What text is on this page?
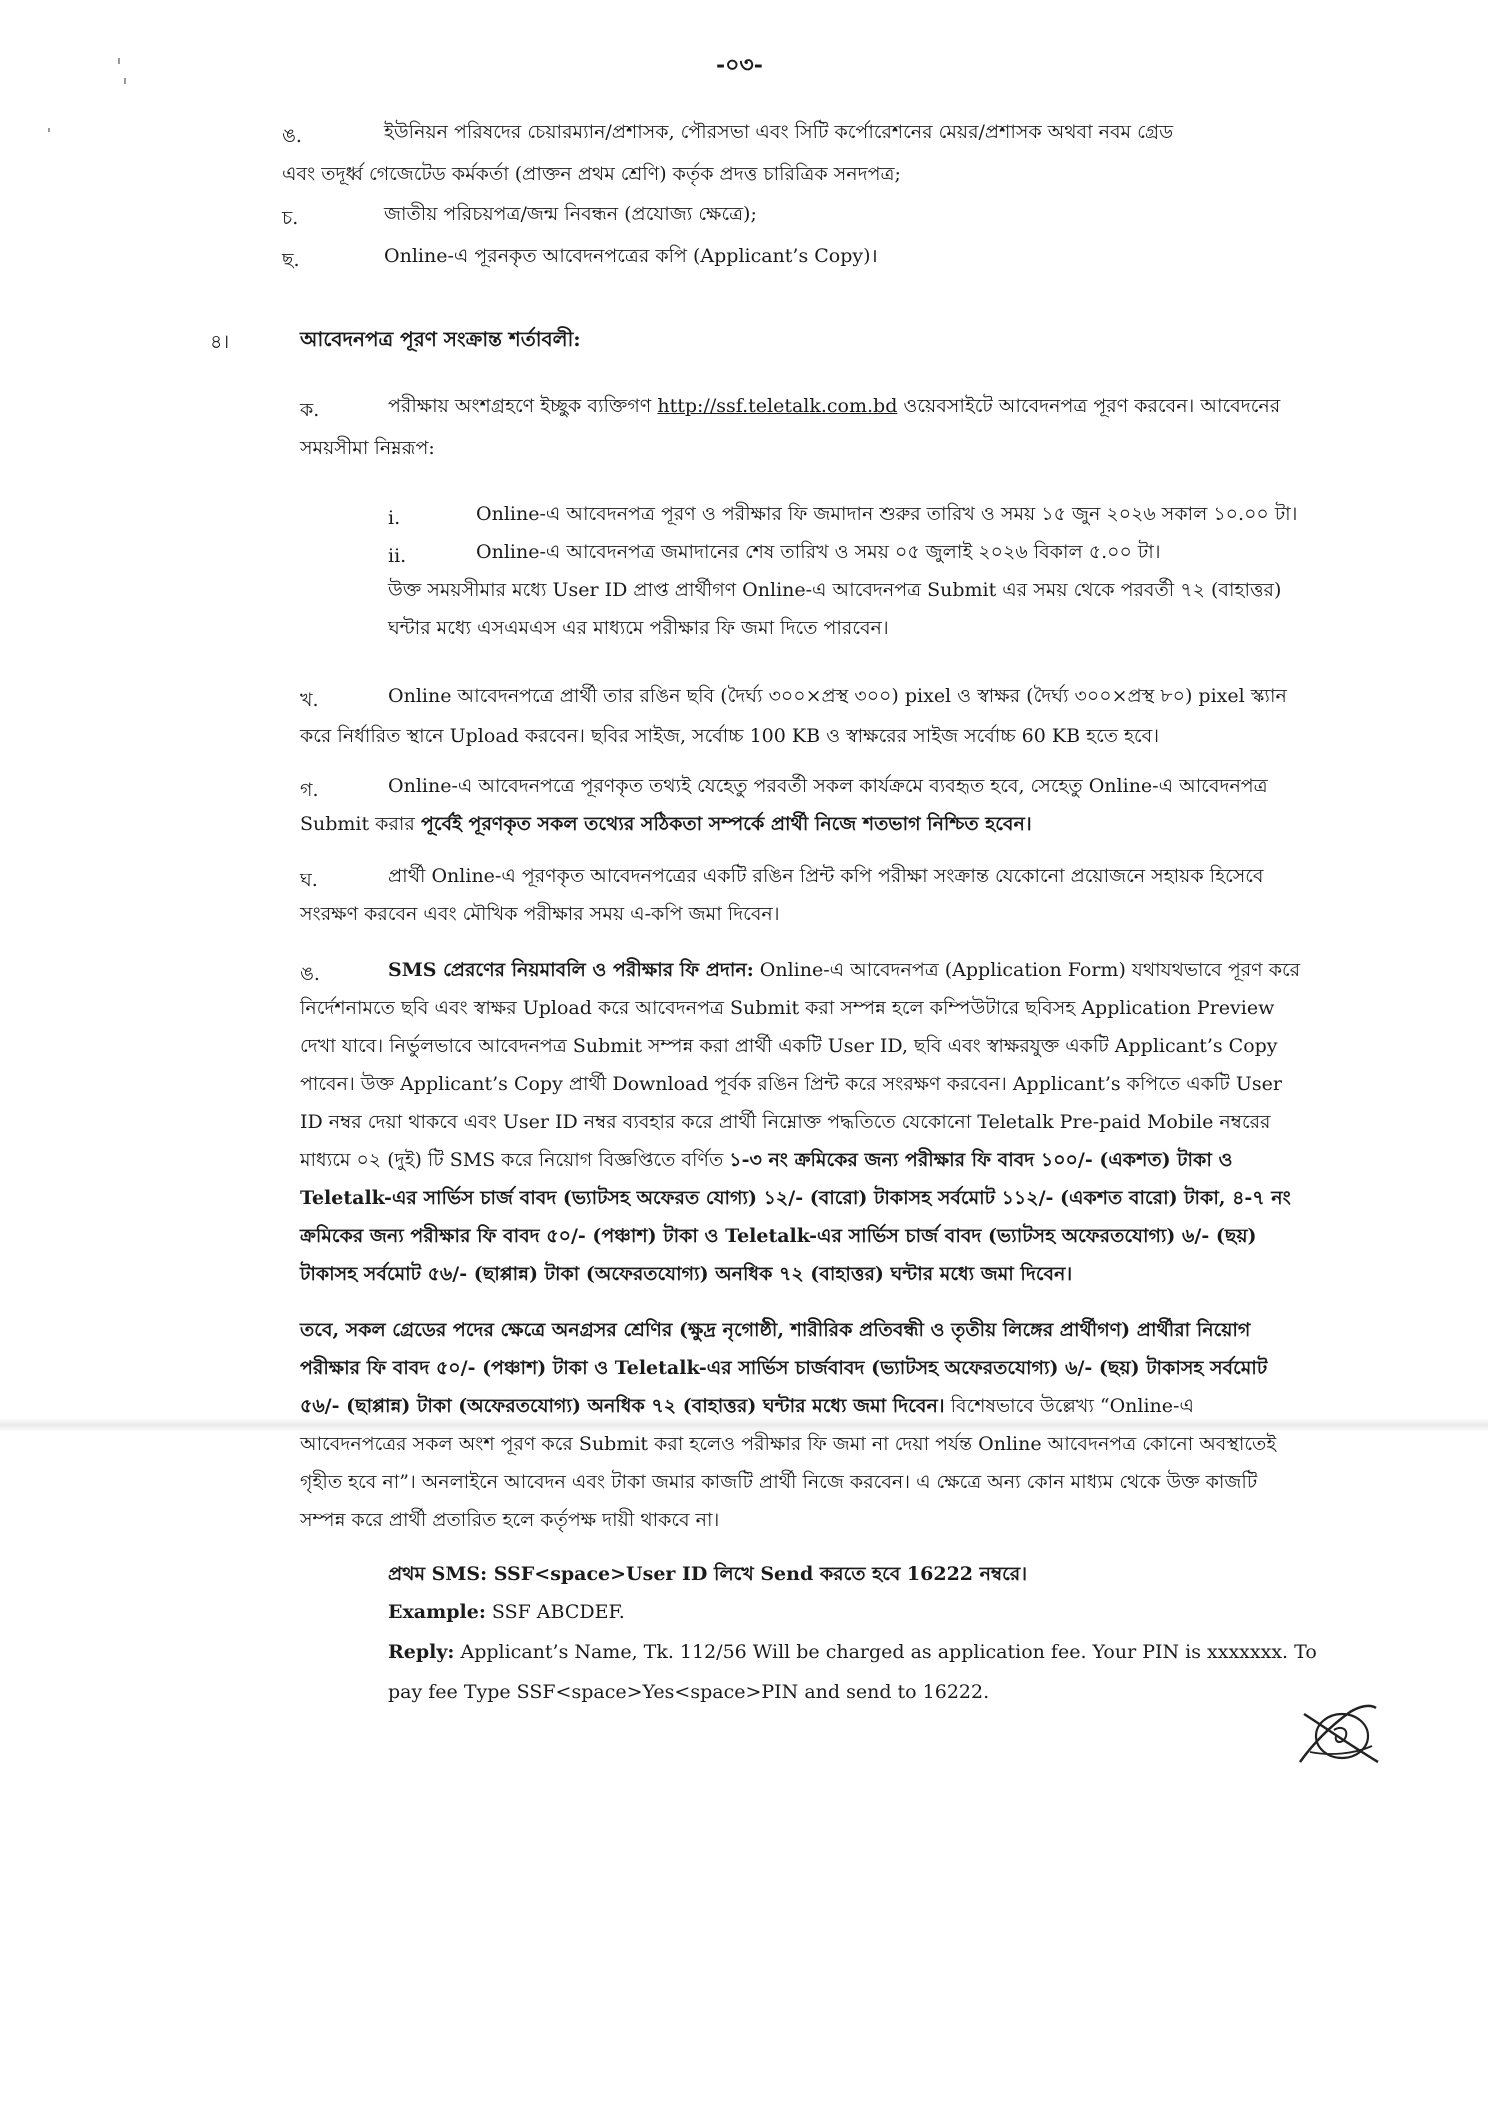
-০৩-
ঙ.	ইউনিয়ন পরিষদের চেয়ারম্যান/প্রশাসক, পৌরসভা এবং সিটি কর্পোরেশনের মেয়র/প্রশাসক অথবা নবম গ্রেড
এবং তদূর্ধ্ব গেজেটেড কর্মকর্তা (প্রাক্তন প্রথম শ্রেণি) কর্তৃক প্রদত্ত চারিত্রিক সনদপত্র;
চ.	জাতীয় পরিচয়পত্র/জন্ম নিবন্ধন (প্রযোজ্য ক্ষেত্রে);
ছ.	Online-এ পূরনকৃত আবেদনপত্রের কপি (Applicant’s Copy)।
৪।	আবেদনপত্র পূরণ সংক্রান্ত শর্তাবলী:
ক.	পরীক্ষায় অংশগ্রহণে ইচ্ছুক ব্যক্তিগণ http://ssf.teletalk.com.bd ওয়েবসাইটে আবেদনপত্র পূরণ করবেন। আবেদনের
সময়সীমা নিম্নরূপ:
i.	Online-এ আবেদনপত্র পূরণ ও পরীক্ষার ফি জমাদান শুরুর তারিখ ও সময় ১৫ জুন ২০২৬ সকাল ১০.০০ টা।
ii.	Online-এ আবেদনপত্র জমাদানের শেষ তারিখ ও সময় ০৫ জুলাই ২০২৬ বিকাল ৫.০০ টা।
উক্ত সময়সীমার মধ্যে User ID প্রাপ্ত প্রার্থীগণ Online-এ আবেদনপত্র Submit এর সময় থেকে পরবর্তী ৭২ (বাহাত্তর)
ঘন্টার মধ্যে এসএমএস এর মাধ্যমে পরীক্ষার ফি জমা দিতে পারবেন।
খ.	Online আবেদনপত্রে প্রার্থী তার রঙিন ছবি (দৈর্ঘ্য ৩০০×প্রস্থ ৩০০) pixel ও স্বাক্ষর (দৈর্ঘ্য ৩০০×প্রস্থ ৮০) pixel স্ক্যান
করে নির্ধারিত স্থানে Upload করবেন। ছবির সাইজ, সর্বোচ্চ 100 KB ও স্বাক্ষরের সাইজ সর্বোচ্চ 60 KB হতে হবে।
গ.	Online-এ আবেদনপত্রে পূরণকৃত তথ্যই যেহেতু পরবর্তী সকল কার্যক্রমে ব্যবহৃত হবে, সেহেতু Online-এ আবেদনপত্র
Submit করার পূর্বেই পূরণকৃত সকল তথ্যের সঠিকতা সম্পর্কে প্রার্থী নিজে শতভাগ নিশ্চিত হবেন।
ঘ.	প্রার্থী Online-এ পূরণকৃত আবেদনপত্রের একটি রঙিন প্রিন্ট কপি পরীক্ষা সংক্রান্ত যেকোনো প্রয়োজনে সহায়ক হিসেবে
সংরক্ষণ করবেন এবং মৌখিক পরীক্ষার সময় এ-কপি জমা দিবেন।
ঙ.	SMS প্রেরণের নিয়মাবলি ও পরীক্ষার ফি প্রদান: Online-এ আবেদনপত্র (Application Form) যথাযথভাবে পূরণ করে
নির্দেশনামতে ছবি এবং স্বাক্ষর Upload করে আবেদনপত্র Submit করা সম্পন্ন হলে কম্পিউটারে ছবিসহ Application Preview
দেখা যাবে। নির্ভুলভাবে আবেদনপত্র Submit সম্পন্ন করা প্রার্থী একটি User ID, ছবি এবং স্বাক্ষরযুক্ত একটি Applicant’s Copy
পাবেন। উক্ত Applicant’s Copy প্রার্থী Download পূর্বক রঙিন প্রিন্ট করে সংরক্ষণ করবেন। Applicant’s কপিতে একটি User
ID নম্বর দেয়া থাকবে এবং User ID নম্বর ব্যবহার করে প্রার্থী নিম্নোক্ত পদ্ধতিতে যেকোনো Teletalk Pre-paid Mobile নম্বরের
মাধ্যমে ০২ (দুই) টি SMS করে নিয়োগ বিজ্ঞপ্তিতে বর্ণিত ১-৩ নং ক্রমিকের জন্য পরীক্ষার ফি বাবদ ১০০/- (একশত) টাকা ও
Teletalk-এর সার্ভিস চার্জ বাবদ (ভ্যাটসহ অফেরত যোগ্য) ১২/- (বারো) টাকাসহ সর্বমোট ১১২/- (একশত বারো) টাকা, ৪-৭ নং
ক্রমিকের জন্য পরীক্ষার ফি বাবদ ৫০/- (পঞ্চাশ) টাকা ও Teletalk-এর সার্ভিস চার্জ বাবদ (ভ্যাটসহ অফেরতযোগ্য) ৬/- (ছয়)
টাকাসহ সর্বমোট ৫৬/- (ছাপ্পান্ন) টাকা (অফেরতযোগ্য) অনধিক ৭২ (বাহাত্তর) ঘন্টার মধ্যে জমা দিবেন।
তবে, সকল গ্রেডের পদের ক্ষেত্রে অনগ্রসর শ্রেণির (ক্ষুদ্র নৃগোষ্ঠী, শারীরিক প্রতিবন্ধী ও তৃতীয় লিঙ্গের প্রার্থীগণ) প্রার্থীরা নিয়োগ
পরীক্ষার ফি বাবদ ৫০/- (পঞ্চাশ) টাকা ও Teletalk-এর সার্ভিস চার্জবাবদ (ভ্যাটসহ অফেরতযোগ্য) ৬/- (ছয়) টাকাসহ সর্বমোট
৫৬/- (ছাপ্পান্ন) টাকা (অফেরতযোগ্য) অনধিক ৭২ (বাহাত্তর) ঘন্টার মধ্যে জমা দিবেন। বিশেষভাবে উল্লেখ্য “Online-এ
আবেদনপত্রের সকল অংশ পূরণ করে Submit করা হলেও পরীক্ষার ফি জমা না দেয়া পর্যন্ত Online আবেদনপত্র কোনো অবস্থাতেই
গৃহীত হবে না”। অনলাইনে আবেদন এবং টাকা জমার কাজটি প্রার্থী নিজে করবেন। এ ক্ষেত্রে অন্য কোন মাধ্যম থেকে উক্ত কাজটি
সম্পন্ন করে প্রার্থী প্রতারিত হলে কর্তৃপক্ষ দায়ী থাকবে না।
প্রথম SMS: SSF<space>User ID লিখে Send করতে হবে 16222 নম্বরে।
Example: SSF ABCDEF.
Reply: Applicant’s Name, Tk. 112/56 Will be charged as application fee. Your PIN is xxxxxxx. To
pay fee Type SSF<space>Yes<space>PIN and send to 16222.
